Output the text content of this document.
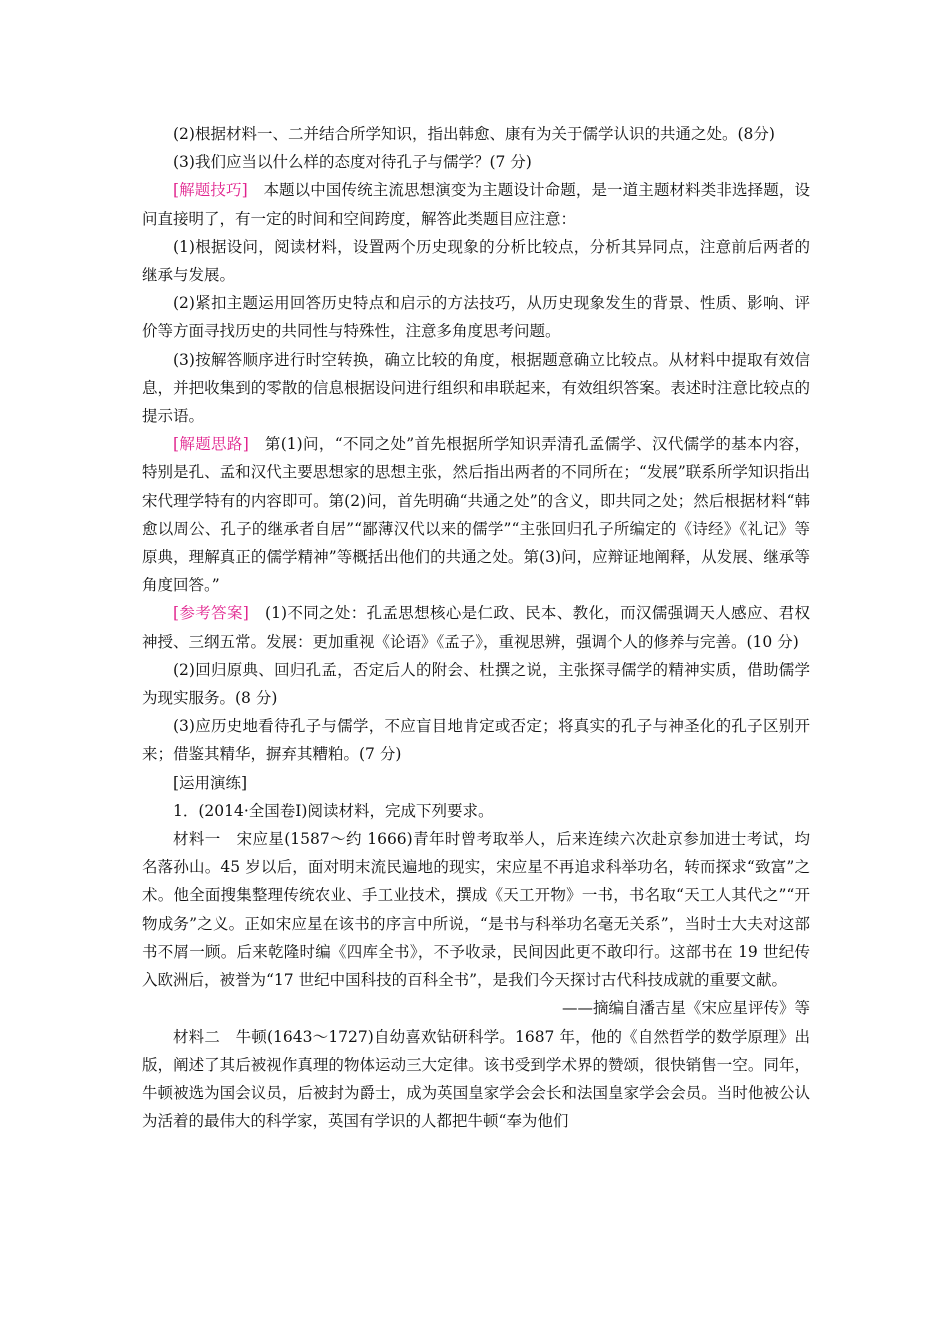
(2)根据材料一、二并结合所学知识，指出韩愈、康有为关于儒学认识的共通之处。(8分)

(3)我们应当以什么样的态度对待孔子与儒学？(7 分)

[解题技巧]　本题以中国传统主流思想演变为主题设计命题，是一道主题材料类非选择题，设问直接明了，有一定的时间和空间跨度，解答此类题目应注意：

(1)根据设问，阅读材料，设置两个历史现象的分析比较点，分析其异同点，注意前后两者的继承与发展。

(2)紧扣主题运用回答历史特点和启示的方法技巧，从历史现象发生的背景、性质、影响、评价等方面寻找历史的共同性与特殊性，注意多角度思考问题。

(3)按解答顺序进行时空转换，确立比较的角度，根据题意确立比较点。从材料中提取有效信息，并把收集到的零散的信息根据设问进行组织和串联起来，有效组织答案。表述时注意比较点的提示语。

[解题思路]　第(1)问，“不同之处”首先根据所学知识弄清孔孟儒学、汉代儒学的基本内容，特别是孔、孟和汉代主要思想家的思想主张，然后指出两者的不同所在；“发展”联系所学知识指出宋代理学特有的内容即可。第(2)问，首先明确“共通之处”的含义，即共同之处；然后根据材料“韩愈以周公、孔子的继承者自居”“鄙薄汉代以来的儒学”“主张回归孔子所编定的《诗经》《礼记》等原典，理解真正的儒学精神”等概括出他们的共通之处。第(3)问，应辩证地阐释，从发展、继承等角度回答。”

[参考答案]　(1)不同之处：孔孟思想核心是仁政、民本、教化，而汉儒强调天人感应、君权神授、三纲五常。发展：更加重视《论语》《孟子》，重视思辨，强调个人的修养与完善。(10 分)

(2)回归原典、回归孔孟，否定后人的附会、杜撰之说，主张探寻儒学的精神实质，借助儒学为现实服务。(8 分)

(3)应历史地看待孔子与儒学，不应盲目地肯定或否定；将真实的孔子与神圣化的孔子区别开来；借鉴其精华，摒弃其糟粕。(7 分)

[运用演练]

1．(2014·全国卷Ⅰ)阅读材料，完成下列要求。

材料一　宋应星(1587～约 1666)青年时曾考取举人，后来连续六次赴京参加进士考试，均名落孙山。45 岁以后，面对明末流民遍地的现实，宋应星不再追求科举功名，转而探求“致富”之术。他全面搜集整理传统农业、手工业技术，撰成《天工开物》一书，书名取“天工人其代之”“开物成务”之义。正如宋应星在该书的序言中所说，“是书与科举功名毫无关系”，当时士大夫对这部书不屑一顾。后来乾隆时编《四库全书》，不予收录，民间因此更不敢印行。这部书在 19 世纪传入欧洲后，被誉为“17 世纪中国科技的百科全书”，是我们今天探讨古代科技成就的重要文献。

——摘编自潘吉星《宋应星评传》等

材料二　牛顿(1643～1727)自幼喜欢钻研科学。1687 年，他的《自然哲学的数学原理》出版，阐述了其后被视作真理的物体运动三大定律。该书受到学术界的赞颂，很快销售一空。同年，牛顿被选为国会议员，后被封为爵士，成为英国皇家学会会长和法国皇家学会会员。当时他被公认为活着的最伟大的科学家，英国有学识的人都把牛顿“奉为他们
